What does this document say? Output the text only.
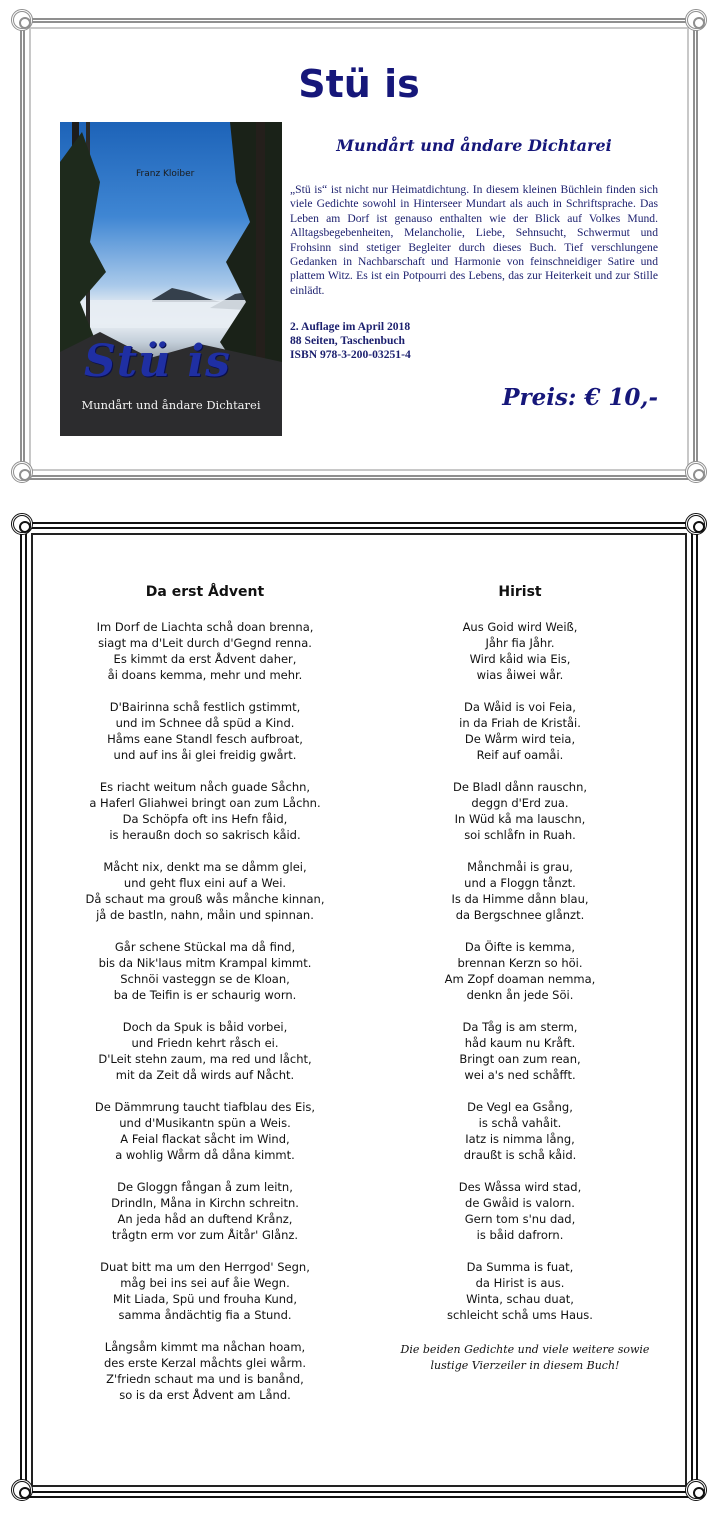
Stü is
Franz Kloiber
Stü is
Mundårt und åndare Dichtarei
Mundårt und åndare Dichtarei

„Stü is“ ist nicht nur Heimatdichtung. In diesem kleinen Büchlein finden sich viele Gedichte sowohl in Hinterseer Mundart als auch in Schriftsprache. Das Leben am Dorf ist genauso enthalten wie der Blick auf Volkes Mund. Alltagsbegebenheiten, Melancholie, Liebe, Sehnsucht, Schwermut und Frohsinn sind stetiger Begleiter durch dieses Buch. Tief verschlungene Gedanken in Nachbarschaft und Harmonie von feinschneidiger Satire und plattem Witz. Es ist ein Potpourri des Lebens, das zur Heiterkeit und zur Stille einlädt.

2. Auflage im April 2018
88 Seiten, Taschenbuch
ISBN 978-3-200-03251-4
Preis: € 10,-
Da erst Ådvent
Im Dorf de Liachta schå doan brenna,
siagt ma d'Leit durch d'Gegnd renna.
Es kimmt da erst Ådvent daher,
åi doans kemma, mehr und mehr.
D'Bairinna schå festlich gstimmt,
und im Schnee då spüd a Kind.
Håms eane Standl fesch aufbroat,
und auf ins åi glei freidig gwårt.
Es riacht weitum nåch guade Såchn,
a Haferl Gliahwei bringt oan zum Låchn.
Da Schöpfa oft ins Hefn fåid,
is heraußn doch so sakrisch kåid.
Måcht nix, denkt ma se dåmm glei,
und geht flux eini auf a Wei.
Då schaut ma grouß wås månche kinnan,
jå de bastln, nahn, måin und spinnan.
Går schene Stückal ma då find,
bis da Nik'laus mitm Krampal kimmt.
Schnöi vasteggn se de Kloan,
ba de Teifin is er schaurig worn.
Doch da Spuk is båid vorbei,
und Friedn kehrt råsch ei.
D'Leit stehn zaum, ma red und låcht,
mit da Zeit då wirds auf Nåcht.
De Dämmrung taucht tiafblau des Eis,
und d'Musikantn spün a Weis.
A Feial flackat såcht im Wind,
a wohlig Wårm då dåna kimmt.
De Gloggn fångan å zum leitn,
Drindln, Måna in Kirchn schreitn.
An jeda håd an duftend Krånz,
trågtn erm vor zum Åitår' Glånz.
Duat bitt ma um den Herrgod' Segn,
måg bei ins sei auf åie Wegn.
Mit Liada, Spü und frouha Kund,
samma åndächtig fia a Stund.
Långsåm kimmt ma nåchan hoam,
des erste Kerzal måchts glei wårm.
Z'friedn schaut ma und is banånd,
so is da erst Ådvent am Lånd.
Hirist
Aus Goid wird Weiß,
Jåhr fia Jåhr.
Wird kåid wia Eis,
wias åiwei wår.
Da Wåid is voi Feia,
in da Friah de Kriståi.
De Wårm wird teia,
Reif auf oamåi.
De Bladl dånn rauschn,
deggn d'Erd zua.
In Wüd kå ma lauschn,
soi schlåfn in Ruah.
Månchmåi is grau,
und a Floggn tånzt.
Is da Himme dånn blau,
da Bergschnee glånzt.
Da Öifte is kemma,
brennan Kerzn so höi.
Am Zopf doaman nemma,
denkn ån jede Söi.
Da Tåg is am sterm,
håd kaum nu Kråft.
Bringt oan zum rean,
wei a's ned schåfft.
De Vegl ea Gsång,
is schå vahåit.
Iatz is nimma lång,
draußt is schå kåid.
Des Wåssa wird stad,
de Gwåid is valorn.
Gern tom s'nu dad,
is båid dafrorn.
Da Summa is fuat,
da Hirist is aus.
Winta, schau duat,
schleicht schå ums Haus.
Die beiden Gedichte und viele weitere sowie
lustige Vierzeiler in diesem Buch!
